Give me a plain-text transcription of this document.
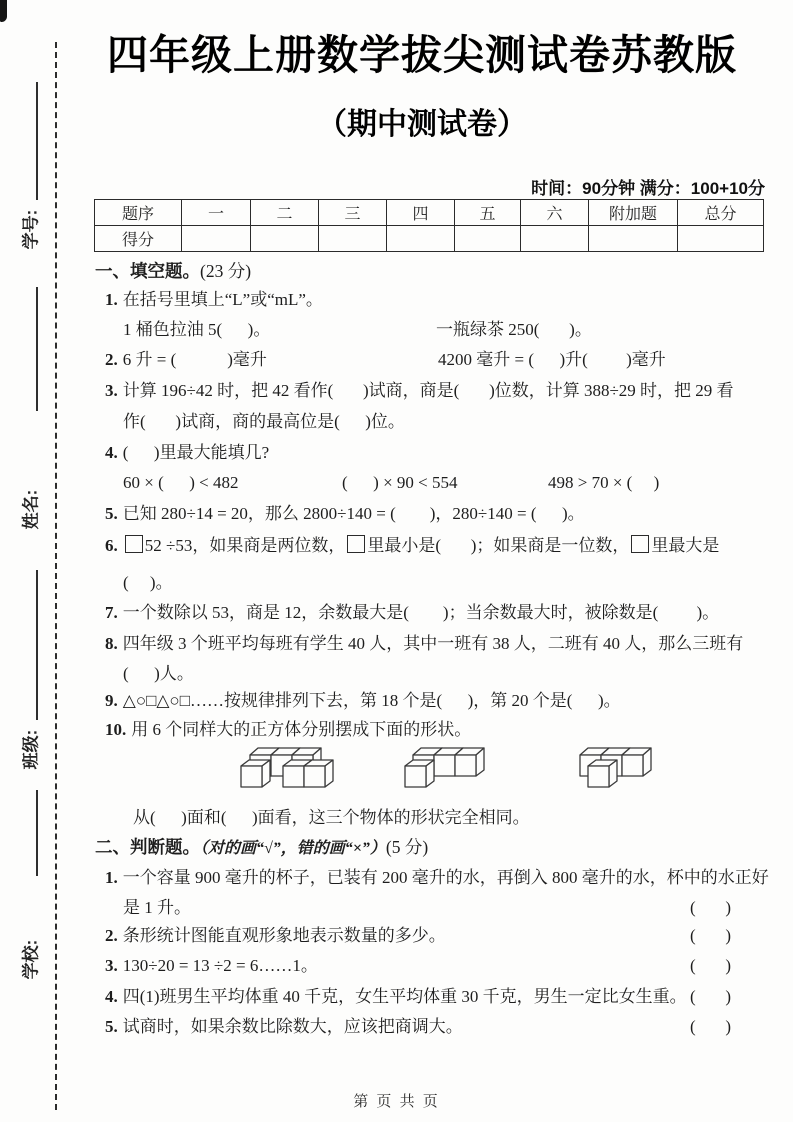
学号:
姓名:
班级:
学校:
四年级上册数学拔尖测试卷苏教版
（期中测试卷）
时间：90分钟 满分：100+10分
题序	一	二	三	四	五	六	附加题	总分
得分								
一、填空题。(23 分)
1. 在括号里填上“L”或“mL”。
1 桶色拉油 5(      )。	一瓶绿茶 250(       )。
2. 6 升 = (            )毫升	4200 毫升 = (      )升(         )毫升
3. 计算 196÷42 时，把 42 看作(       )试商，商是(       )位数，计算 388÷29 时，把 29 看
作(       )试商，商的最高位是(      )位。
4. (      )里最大能填几?
60 × (      ) < 482	(      ) × 90 < 554	498 > 70 × (     )
5. 已知 280÷14 = 20，那么 2800÷140 = (        )，280÷140 = (      )。
6. 52 ÷53，如果商是两位数， 里最小是(       )；如果商是一位数， 里最大是
(     )。
7. 一个数除以 53，商是 12，余数最大是(        )；当余数最大时，被除数是(         )。
8. 四年级 3 个班平均每班有学生 40 人，其中一班有 38 人，二班有 40 人，那么三班有
(      )人。
9. △○□△○□……按规律排列下去，第 18 个是(      )，第 20 个是(      )。
10. 用 6 个同样大的正方体分别摆成下面的形状。
从(      )面和(      )面看，这三个物体的形状完全相同。
二、判断题。（对的画“√”，错的画“×”）(5 分)
1. 一个容量 900 毫升的杯子，已装有 200 毫升的水，再倒入 800 毫升的水，杯中的水正好
是 1 升。	(       )
2. 条形统计图能直观形象地表示数量的多少。	(       )
3. 130÷20 = 13 ÷2 = 6……1。	(       )
4. 四(1)班男生平均体重 40 千克，女生平均体重 30 千克，男生一定比女生重。 (       )
5. 试商时，如果余数比除数大，应该把商调大。	(       )
第 页 共 页
